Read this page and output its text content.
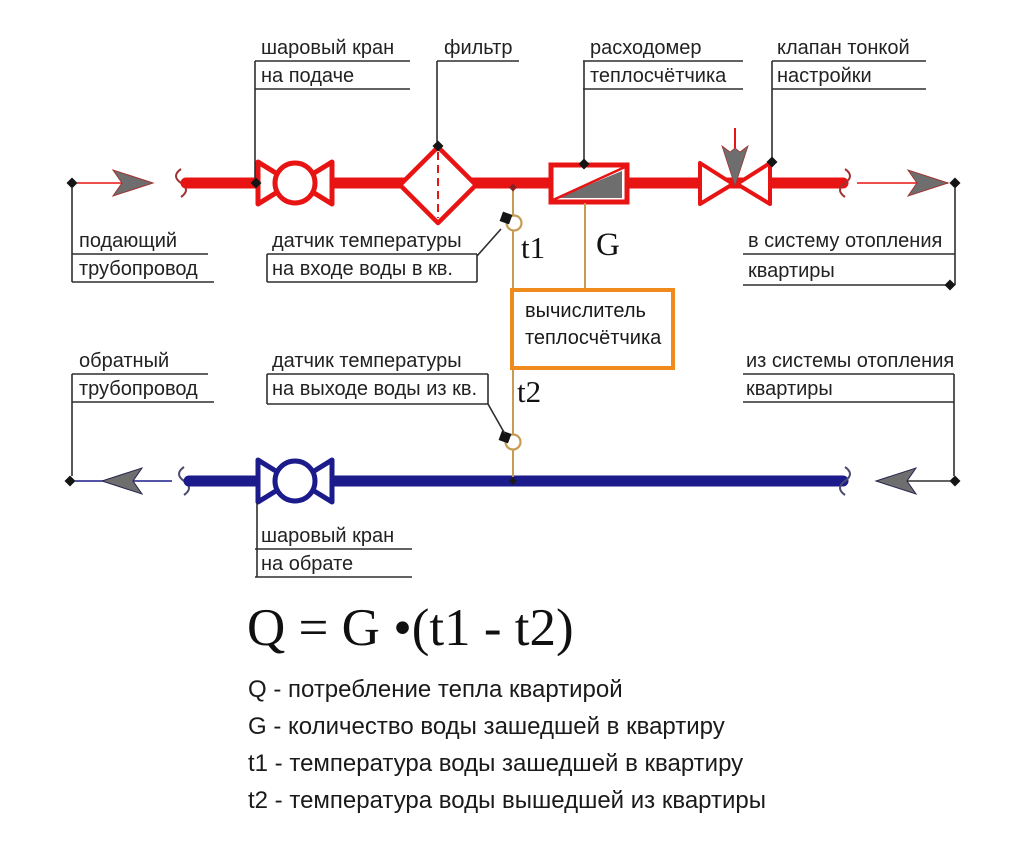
шаровый кран
на подаче
фильтр	расходомер
теплосчётчика
клапан тонкой
настройки
подающий
трубопровод
датчик температуры
на входе воды в кв.
в систему отопления
квартиры
обратный
трубопровод
датчик температуры
на выходе воды из кв.
из системы отопления
квартиры
шаровый кран
на обрате
t1 G
t2
вычислитель
теплосчётчика
Q = G •(t1 - t2)
Q - потребление тепла квартирой
G - количество воды зашедшей в квартиру
t1 - температура воды зашедшей в квартиру
t2 - температура воды вышедшей из квартиры
